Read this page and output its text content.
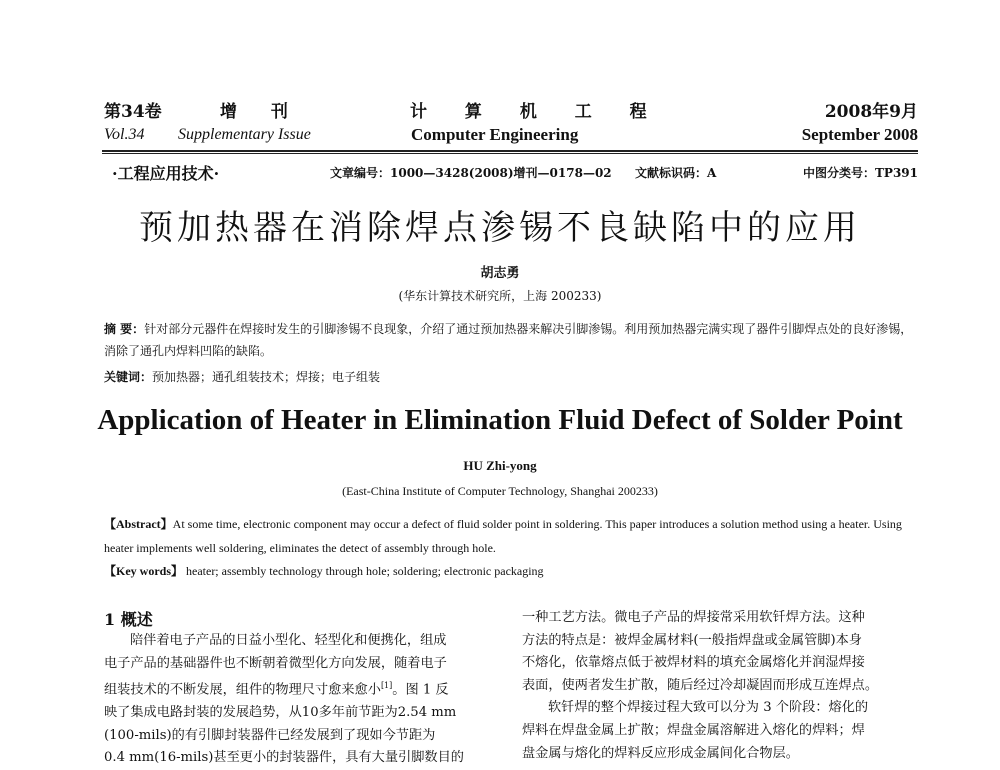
第34卷	增 刊	计 算 机 工 程	2008年9月
Vol.34 Supplementary Issue	Computer Engineering	September 2008
·工程应用技术·	文章编号：1000—3428(2008)增刊—0178—02 文献标识码：A	中图分类号：TP391
预加热器在消除焊点渗锡不良缺陷中的应用
胡志勇
(华东计算技术研究所，上海 200233)
摘 要：针对部分元器件在焊接时发生的引脚渗锡不良现象，介绍了通过预加热器来解决引脚渗锡。利用预加热器完满实现了器件引脚焊点处的良好渗锡，消除了通孔内焊料凹陷的缺陷。
关键词：预加热器；通孔组装技术；焊接；电子组装
Application of Heater in Elimination Fluid Defect of Solder Point
HU Zhi-yong
(East-China Institute of Computer Technology, Shanghai 200233)
【Abstract】At some time, electronic component may occur a defect of fluid solder point in soldering. This paper introduces a solution method using a heater. Using heater implements well soldering, eliminates the detect of assembly through hole.
【Key words】 heater; assembly technology through hole; soldering; electronic packaging
1 概述
陪伴着电子产品的日益小型化、轻型化和便携化，组成
电子产品的基础器件也不断朝着微型化方向发展，随着电子
组装技术的不断发展，组件的物理尺寸愈来愈小[1]。图 1 反
映了集成电路封装的发展趋势，从10多年前节距为2.54 mm
(100-mils)的有引脚封装器件已经发展到了现如今节距为
0.4 mm(16-mils)甚至更小的封装器件，具有大量引脚数目的
一种工艺方法。微电子产品的焊接常采用软钎焊方法。这种
方法的特点是：被焊金属材料(一般指焊盘或金属管脚)本身
不熔化，依靠熔点低于被焊材料的填充金属熔化并润湿焊接
表面，使两者发生扩散，随后经过冷却凝固而形成互连焊点。
软钎焊的整个焊接过程大致可以分为 3 个阶段：熔化的
焊料在焊盘金属上扩散；焊盘金属溶解进入熔化的焊料；焊
盘金属与熔化的焊料反应形成金属间化合物层。
